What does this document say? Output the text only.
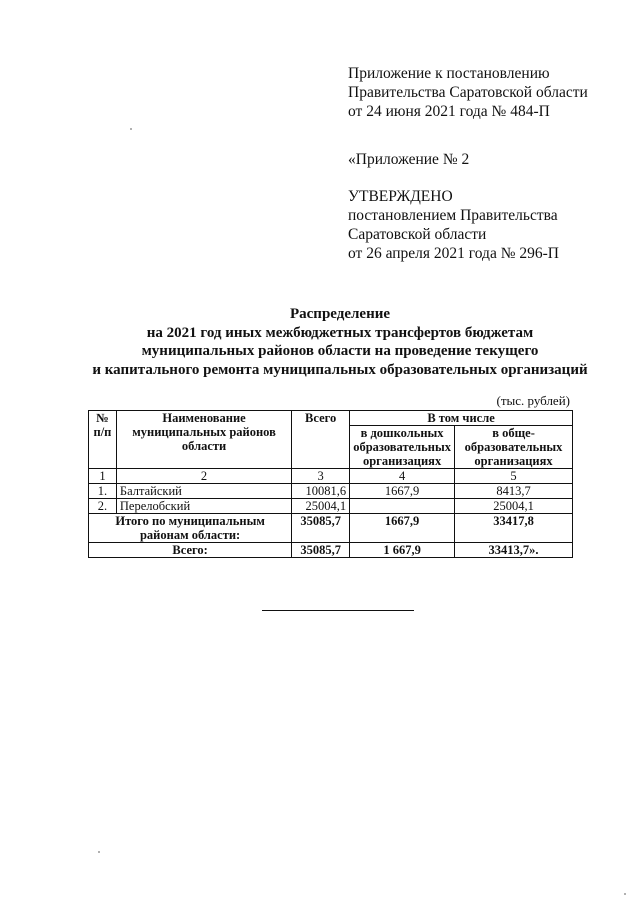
Приложение к постановлению
Правительства Саратовской области
от 24 июня 2021 года № 484-П
«Приложение № 2
УТВЕРЖДЕНО
постановлением Правительства
Саратовской области
от 26 апреля 2021 года № 296-П
Распределение
на 2021 год иных межбюджетных трансфертов бюджетам
муниципальных районов области на проведение текущего
и капитального ремонта муниципальных образовательных организаций
(тыс. рублей)
№ п/п	Наименование муниципальных районов области	Всего	В том числе	
			в дошкольных образовательных организациях	в обще-образовательных организациях
1	2	3	4	5
1.	Балтайский	10081,6	1667,9	8413,7
2.	Перелобский	25004,1		25004,1
Итого по муниципальным районам области:		35085,7	1667,9	33417,8
Всего:		35085,7	1 667,9	33413,7».
